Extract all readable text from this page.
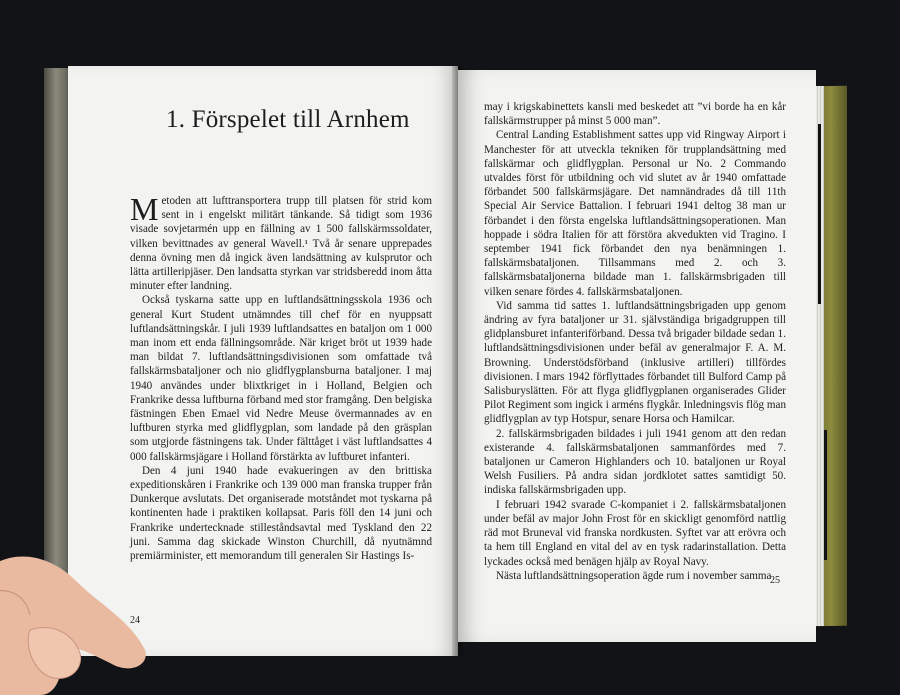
1. Förspelet till Arnhem

Metoden att lufttransportera trupp till platsen för strid kom sent in i engelskt militärt tänkande. Så tidigt som 1936 visade sovjetarmén upp en fällning av 1 500 fallskärmssoldater, vilken bevittnades av general Wavell.¹ Två år senare upprepades denna övning men då ingick även landsättning av kulsprutor och lätta artilleripjäser. Den landsatta styrkan var stridsberedd inom åtta minuter efter landning.

Också tyskarna satte upp en luftlandsättningsskola 1936 och general Kurt Student utnämndes till chef för en nyuppsatt luftlandsättningskår. I juli 1939 luftlandsattes en bataljon om 1 000 man inom ett enda fällningsområde. När kriget bröt ut 1939 hade man bildat 7. luftlandsättningsdivisionen som omfattade två fallskärmsbataljoner och nio glidflygplansburna bataljoner. I maj 1940 användes under blixtkriget in i Holland, Belgien och Frankrike dessa luftburna förband med stor framgång. Den belgiska fästningen Eben Emael vid Nedre Meuse övermannades av en luftburen styrka med glidflygplan, som landade på den gräsplan som utgjorde fästningens tak. Under fälttåget i väst luftlandsattes 4 000 fallskärmsjägare i Holland förstärkta av luftburet infanteri.

Den 4 juni 1940 hade evakueringen av den brittiska expeditionskåren i Frankrike och 139 000 man franska trupper från Dunkerque avslutats. Det organiserade motståndet mot tyskarna på kontinenten hade i praktiken kollapsat. Paris föll den 14 juni och Frankrike undertecknade stilleståndsavtal med Tyskland den 22 juni. Samma dag skickade Winston Churchill, då nyutnämnd premiärminister, ett memorandum till generalen Sir Hastings Is-

24

may i krigskabinettets kansli med beskedet att ”vi borde ha en kår fallskärmstrupper på minst 5 000 man”.

Central Landing Establishment sattes upp vid Ringway Airport i Manchester för att utveckla tekniken för trupplandsättning med fallskärmar och glidflygplan. Personal ur No. 2 Commando utvaldes först för utbildning och vid slutet av år 1940 omfattade förbandet 500 fallskärmsjägare. Det namnändrades då till 11th Special Air Service Battalion. I februari 1941 deltog 38 man ur förbandet i den första engelska luftlandsättningsoperationen. Man hoppade i södra Italien för att förstöra akvedukten vid Tragino. I september 1941 fick förbandet den nya benämningen 1. fallskärmsbataljonen. Tillsammans med 2. och 3. fallskärmsbataljonerna bildade man 1. fallskärmsbrigaden till vilken senare fördes 4. fallskärmsbataljonen.

Vid samma tid sattes 1. luftlandsättningsbrigaden upp genom ändring av fyra bataljoner ur 31. självständiga brigadgruppen till glidplansburet infanteriförband. Dessa två brigader bildade sedan 1. luftlandsättningsdivisionen under befäl av generalmajor F. A. M. Browning. Understödsförband (inklusive artilleri) tillfördes divisionen. I mars 1942 förflyttades förbandet till Bulford Camp på Salisburyslätten. För att flyga glidflygplanen organiserades Glider Pilot Regiment som ingick i arméns flygkår. Inledningsvis flög man glidflygplan av typ Hotspur, senare Horsa och Hamilcar.

2. fallskärmsbrigaden bildades i juli 1941 genom att den redan existerande 4. fallskärmsbataljonen sammanfördes med 7. bataljonen ur Cameron Highlanders och 10. bataljonen ur Royal Welsh Fusiliers. På andra sidan jordklotet sattes samtidigt 50. indiska fallskärmsbrigaden upp.

I februari 1942 svarade C-kompaniet i 2. fallskärmsbataljonen under befäl av major John Frost för en skickligt genomförd nattlig räd mot Bruneval vid franska nordkusten. Syftet var att erövra och ta hem till England en vital del av en tysk radarinstallation. Detta lyckades också med benägen hjälp av Royal Navy.

Nästa luftlandsättningsoperation ägde rum i november samma

25
